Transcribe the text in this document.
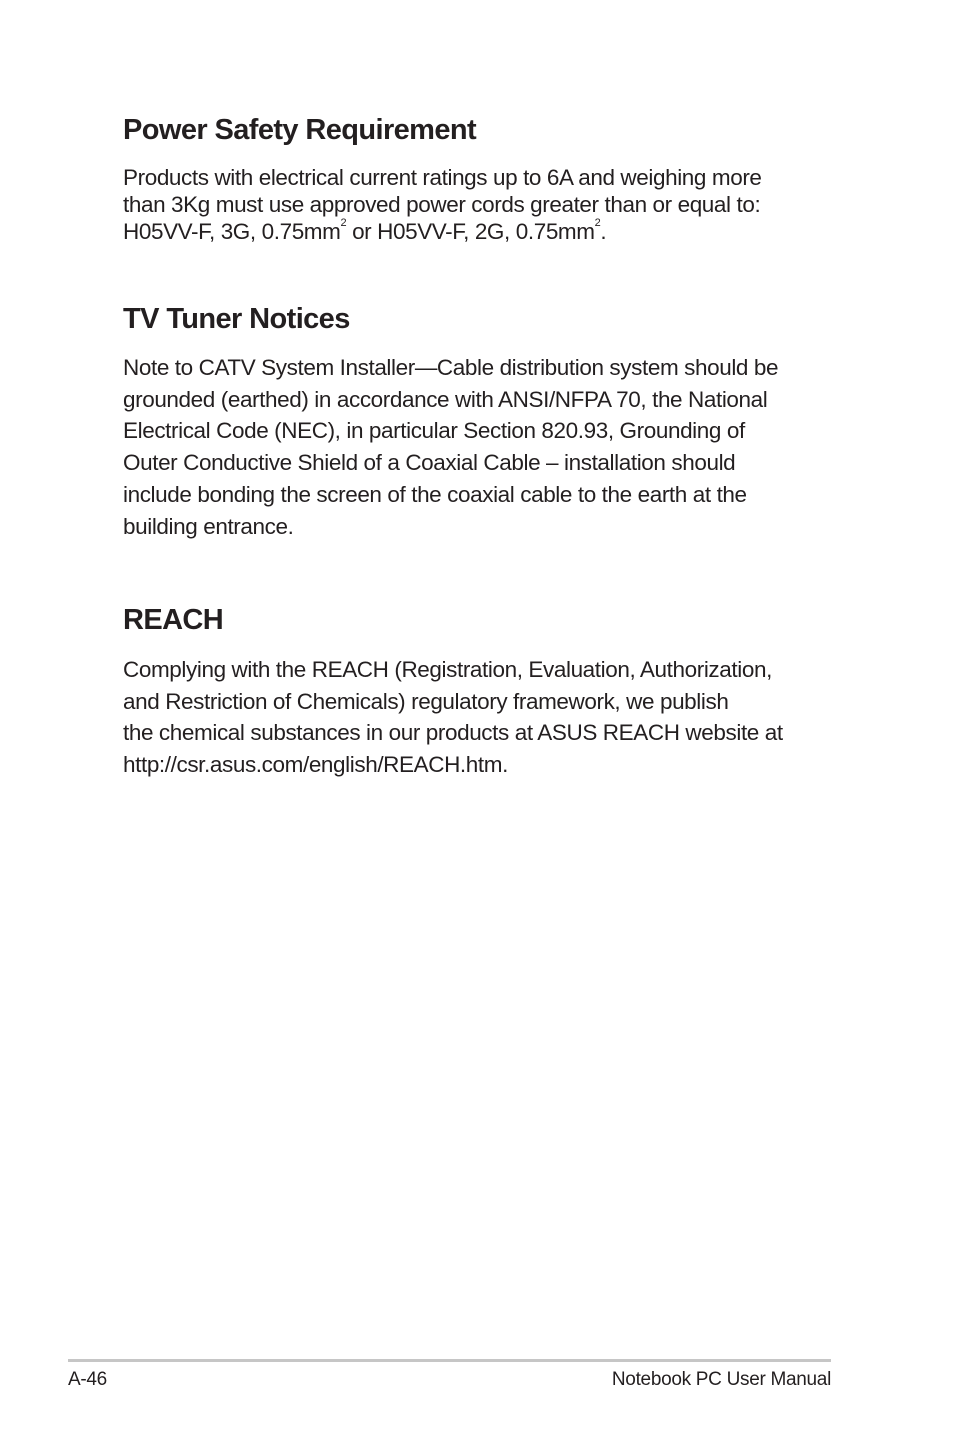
Power Safety Requirement

Products with electrical current ratings up to 6A and weighing more
than 3Kg must use approved power cords greater than or equal to:
H05VV-F, 3G, $0.75mm^2$ or H05VV-F, 2G, $0.75mm^2$.

TV Tuner Notices

Note to CATV System Installer—Cable distribution system should be
grounded (earthed) in accordance with ANSI/NFPA 70, the National
Electrical Code (NEC), in particular Section 820.93, Grounding of
Outer Conductive Shield of a Coaxial Cable – installation should
include bonding the screen of the coaxial cable to the earth at the
building entrance.

REACH

Complying with the REACH (Registration, Evaluation, Authorization,
and Restriction of Chemicals) regulatory framework, we publish
the chemical substances in our products at ASUS REACH website at
http://csr.asus.com/english/REACH.htm.

A-46	Notebook PC User Manual
